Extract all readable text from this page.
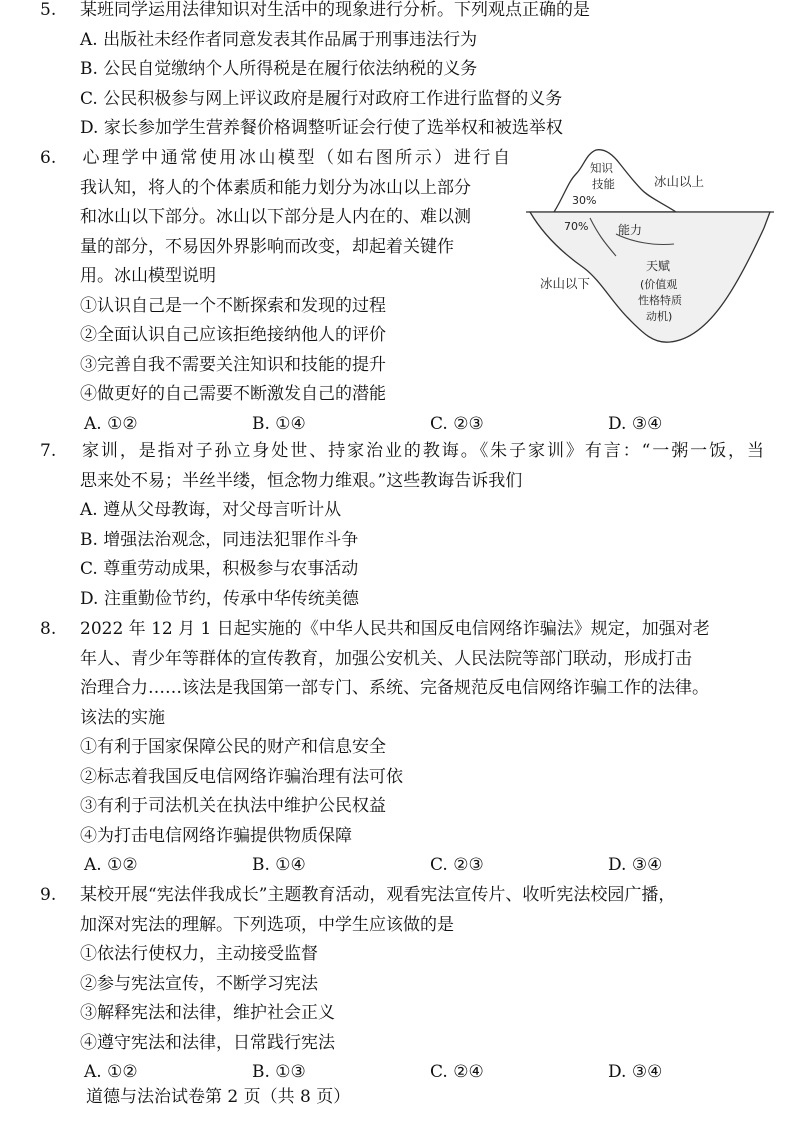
5. 某班同学运用法律知识对生活中的现象进行分析。下列观点正确的是
A. 出版社未经作者同意发表其作品属于刑事违法行为
B. 公民自觉缴纳个人所得税是在履行依法纳税的义务
C. 公民积极参与网上评议政府是履行对政府工作进行监督的义务
D. 家长参加学生营养餐价格调整听证会行使了选举权和被选举权
6. 心理学中通常使用冰山模型（如右图所示）进行自
我认知，将人的个体素质和能力划分为冰山以上部分
和冰山以下部分。冰山以下部分是人内在的、难以测
量的部分，不易因外界影响而改变，却起着关键作
用。冰山模型说明
①认识自己是一个不断探索和发现的过程
②全面认识自己应该拒绝接纳他人的评价
③完善自我不需要关注知识和技能的提升
④做更好的自己需要不断激发自己的潜能
A. ①②	B. ①④	C. ②③	D. ③④
知识
技能
30%
冰山以上
70% 能力
天赋
(价值观
性格特质
动机)
冰山以下
7. 家训，是指对子孙立身处世、持家治业的教诲。《朱子家训》有言：“一粥一饭，当
思来处不易；半丝半缕，恒念物力维艰。”这些教诲告诉我们
A. 遵从父母教诲，对父母言听计从
B. 增强法治观念，同违法犯罪作斗争
C. 尊重劳动成果，积极参与农事活动
D. 注重勤俭节约，传承中华传统美德
8. 2022 年 12 月 1 日起实施的《中华人民共和国反电信网络诈骗法》规定，加强对老
年人、青少年等群体的宣传教育，加强公安机关、人民法院等部门联动，形成打击
治理合力……该法是我国第一部专门、系统、完备规范反电信网络诈骗工作的法律。
该法的实施
①有利于国家保障公民的财产和信息安全
②标志着我国反电信网络诈骗治理有法可依
③有利于司法机关在执法中维护公民权益
④为打击电信网络诈骗提供物质保障
A. ①②	B. ①④	C. ②③	D. ③④
9. 某校开展“宪法伴我成长”主题教育活动，观看宪法宣传片、收听宪法校园广播，
加深对宪法的理解。下列选项，中学生应该做的是
①依法行使权力，主动接受监督
②参与宪法宣传，不断学习宪法
③解释宪法和法律，维护社会正义
④遵守宪法和法律，日常践行宪法
A. ①②	B. ①③	C. ②④	D. ③④
道德与法治试卷第 2 页（共 8 页）
